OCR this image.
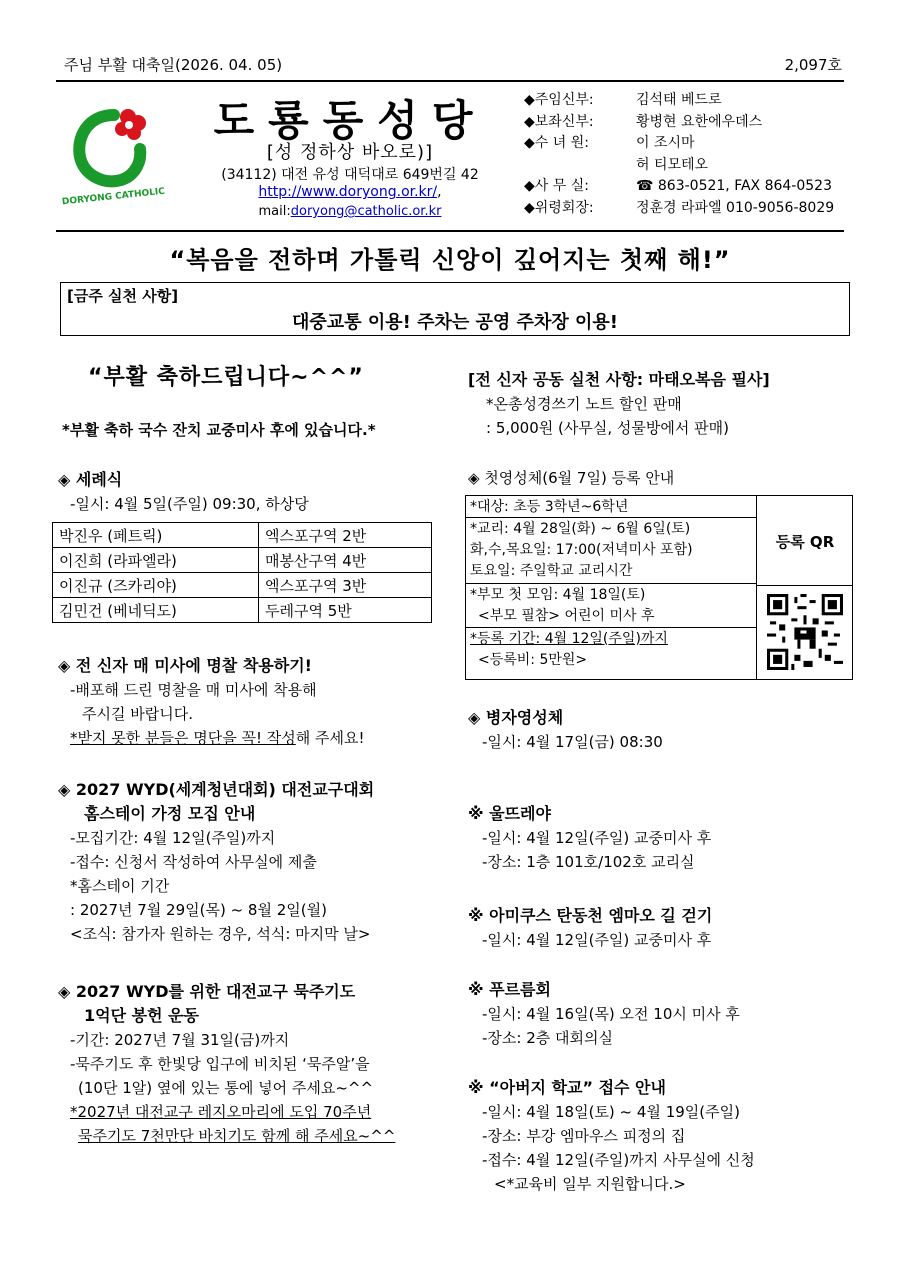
주님 부활 대축일(2026. 04. 05)	2,097호
DORYONG CATHOLIC
도룡동성당
[성 정하상 바오로)]
(34112) 대전 유성 대덕대로 649번길 42
http://www.doryong.or.kr/,
mail:doryong@catholic.or.kr
◆주임신부:	김석태 베드로
◆보좌신부:	황병현 요한에우데스
◆수 녀 원:	이 조시마
허 티모테오
◆사 무 실:	☎ 863-0521, FAX 864-0523
◆위령회장:	정훈경 라파엘 010-9056-8029
“복음을 전하며 가톨릭 신앙이 깊어지는 첫째 해!”
[금주 실천 사항]
대중교통 이용! 주차는 공영 주차장 이용!
“부활 축하드립니다~^^”
*부활 축하 국수 잔치 교중미사 후에 있습니다.*
◈ 세례식
-일시: 4월 5일(주일) 09:30, 하상당
박진우 (페트릭)	엑스포구역 2반
이진희 (라파엘라)	매봉산구역 4반
이진규 (즈카리야)	엑스포구역 3반
김민건 (베네딕도)	두레구역 5반
◈ 전 신자 매 미사에 명찰 착용하기!
-배포해 드린 명찰을 매 미사에 착용해
주시길 바랍니다.
*받지 못한 분들은 명단을 꼭! 작성해 주세요!
◈ 2027 WYD(세계청년대회) 대전교구대회
홈스테이 가정 모집 안내
-모집기간: 4월 12일(주일)까지
-접수: 신청서 작성하여 사무실에 제출
*홈스테이 기간
: 2027년 7월 29일(목) ~ 8월 2일(월)
<조식: 참가자 원하는 경우, 석식: 마지막 날>
◈ 2027 WYD를 위한 대전교구 묵주기도
1억단 봉헌 운동
-기간: 2027년 7월 31일(금)까지
-묵주기도 후 한빛당 입구에 비치된 ‘묵주알’을
(10단 1알) 옆에 있는 통에 넣어 주세요~^^
*2027년 대전교구 레지오마리에 도입 70주년
묵주기도 7천만단 바치기도 함께 해 주세요~^^
[전 신자 공동 실천 사항: 마태오복음 필사]
*온총성경쓰기 노트 할인 판매
: 5,000원 (사무실, 성물방에서 판매)
◈ 첫영성체(6월 7일) 등록 안내
*대상: 초등 3학년~6학년
*교리: 4월 28일(화) ~ 6월 6일(토)
화,수,목요일: 17:00(저녁미사 포함)
토요일: 주일학교 교리시간
*부모 첫 모임: 4월 18일(토)
<부모 필참> 어린이 미사 후
*등록 기간: 4월 12일(주일)까지
<등록비: 5만원>
등록 QR
◈ 병자영성체
-일시: 4월 17일(금) 08:30
※ 울뜨레야
-일시: 4월 12일(주일) 교중미사 후
-장소: 1층 101호/102호 교리실
※ 아미쿠스 탄동천 엠마오 길 걷기
-일시: 4월 12일(주일) 교중미사 후
※ 푸르름회
-일시: 4월 16일(목) 오전 10시 미사 후
-장소: 2층 대회의실
※ “아버지 학교” 접수 안내
-일시: 4월 18일(토) ~ 4월 19일(주일)
-장소: 부강 엠마우스 피정의 집
-접수: 4월 12일(주일)까지 사무실에 신청
<*교육비 일부 지원합니다.>
